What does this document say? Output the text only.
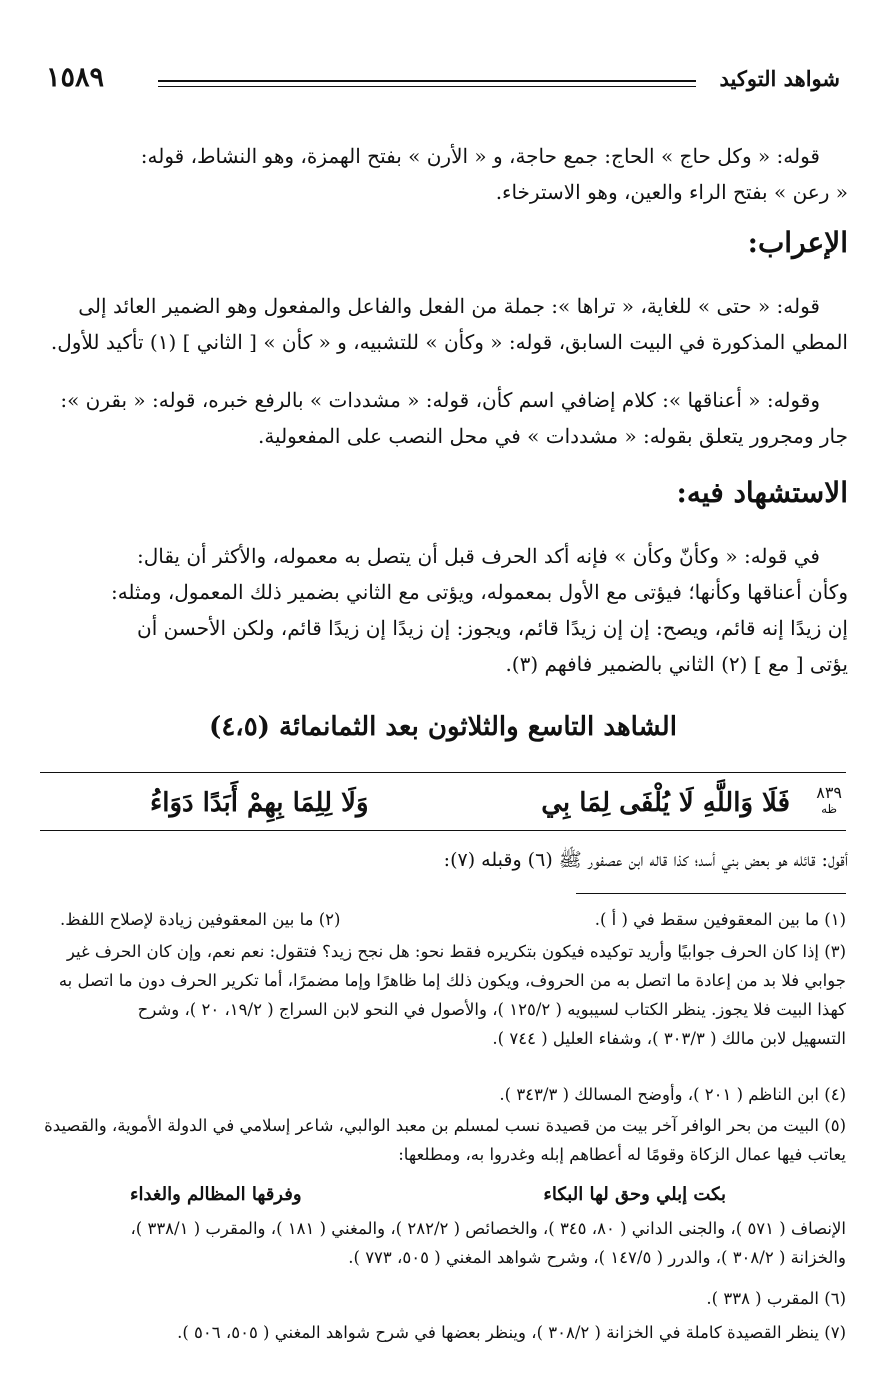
شواهد التوكيد
١٥٨٩

قوله: « وكل حاج » الحاج: جمع حاجة، و « الأرن » بفتح الهمزة، وهو النشاط، قوله:

« رعن » بفتح الراء والعين، وهو الاسترخاء.

الإعراب:

قوله: « حتى » للغاية، « تراها »: جملة من الفعل والفاعل والمفعول وهو الضمير العائد إلى

المطي المذكورة في البيت السابق، قوله: « وكأن » للتشبيه، و « كأن » [ الثاني ] (١) تأكيد للأول.

وقوله: « أعناقها »: كلام إضافي اسم كأن، قوله: « مشددات » بالرفع خبره، قوله: « بقرن »:

جار ومجرور يتعلق بقوله: « مشددات » في محل النصب على المفعولية.

الاستشهاد فيه:

في قوله: « وكأنّ وكأن » فإنه أكد الحرف قبل أن يتصل به معموله، والأكثر أن يقال:

وكأن أعناقها وكأنها؛ فيؤتى مع الأول بمعموله، ويؤتى مع الثاني بضمير ذلك المعمول، ومثله:

إن زيدًا إنه قائم، ويصح: إن إن زيدًا قائم، ويجوز: إن زيدًا إن زيدًا قائم، ولكن الأحسن أن

يؤتى [ مع ] (٢) الثاني بالضمير فافهم (٣).

الشاهد التاسع والثلاثون بعد الثمانمائة (٤،٥)
٨٣٩
ظه
فَلَا وَاللَّهِ لَا يُلْفَى لِمَا بِي
وَلَا لِلِمَا بِهِمْ أَبَدًا دَوَاءُ

أقول: قائله هو بعض بني أسد؛ كذا قاله ابن عصفور ﷺ (٦) وقبله (٧):

(١) ما بين المعقوفين سقط في ( أ ).
(٢) ما بين المعقوفين زيادة لإصلاح اللفظ.

(٣) إذا كان الحرف جوابيًا وأريد توكيده فيكون بتكريره فقط نحو: هل نجح زيد؟ فتقول: نعم نعم، وإن كان الحرف غير

جوابي فلا بد من إعادة ما اتصل به من الحروف، ويكون ذلك إما ظاهرًا وإما مضمرًا، أما تكرير الحرف دون ما اتصل به

كهذا البيت فلا يجوز. ينظر الكتاب لسيبويه ( ١٢٥/٢ )، والأصول في النحو لابن السراج ( ١٩/٢، ٢٠ )، وشرح

التسهيل لابن مالك ( ٣٠٣/٣ )، وشفاء العليل ( ٧٤٤ ).

(٤) ابن الناظم ( ٢٠١ )، وأوضح المسالك ( ٣٤٣/٣ ).

(٥) البيت من بحر الوافر آخر بيت من قصيدة نسب لمسلم بن معبد الوالبي، شاعر إسلامي في الدولة الأموية، والقصيدة

يعاتب فيها عمال الزكاة وقومًا له أعطاهم إبله وغدروا به، ومطلعها:

بكت إبلي وحق لها البكاء
وفرقها المظالم والغداء

الإنصاف ( ٥٧١ )، والجنى الداني ( ٨٠، ٣٤٥ )، والخصائص ( ٢٨٢/٢ )، والمغني ( ١٨١ )، والمقرب ( ٣٣٨/١ )،

والخزانة ( ٣٠٨/٢ )، والدرر ( ١٤٧/٥ )، وشرح شواهد المغني ( ٥٠٥، ٧٧٣ ).

(٦) المقرب ( ٣٣٨ ).

(٧) ينظر القصيدة كاملة في الخزانة ( ٣٠٨/٢ )، وينظر بعضها في شرح شواهد المغني ( ٥٠٥، ٥٠٦ ).
